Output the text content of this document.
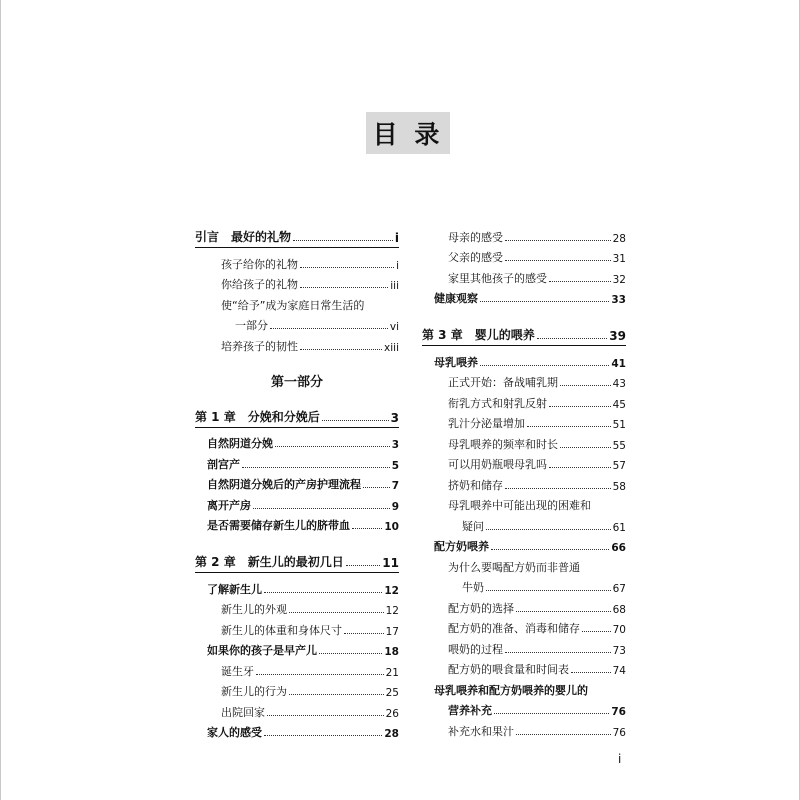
目 录
引言　最好的礼物	i
孩子给你的礼物	i
你给孩子的礼物	iii
使“给予”成为家庭日常生活的
一部分	vi
培养孩子的韧性	xiii
第一部分
第 1 章　分娩和分娩后	3
自然阴道分娩	3
剖宫产	5
自然阴道分娩后的产房护理流程	7
离开产房	9
是否需要储存新生儿的脐带血	10
第 2 章　新生儿的最初几日	11
了解新生儿	12
新生儿的外观	12
新生儿的体重和身体尺寸	17
如果你的孩子是早产儿	18
诞生牙	21
新生儿的行为	25
出院回家	26
家人的感受	28
母亲的感受	28
父亲的感受	31
家里其他孩子的感受	32
健康观察	33
第 3 章　婴儿的喂养	39
母乳喂养	41
正式开始：备战哺乳期	43
衔乳方式和射乳反射	45
乳汁分泌量增加	51
母乳喂养的频率和时长	55
可以用奶瓶喂母乳吗	57
挤奶和储存	58
母乳喂养中可能出现的困难和
疑问	61
配方奶喂养	66
为什么要喝配方奶而非普通
牛奶	67
配方奶的选择	68
配方奶的准备、消毒和储存	70
喂奶的过程	73
配方奶的喂食量和时间表	74
母乳喂养和配方奶喂养的婴儿的
营养补充	76
补充水和果汁	76
i
